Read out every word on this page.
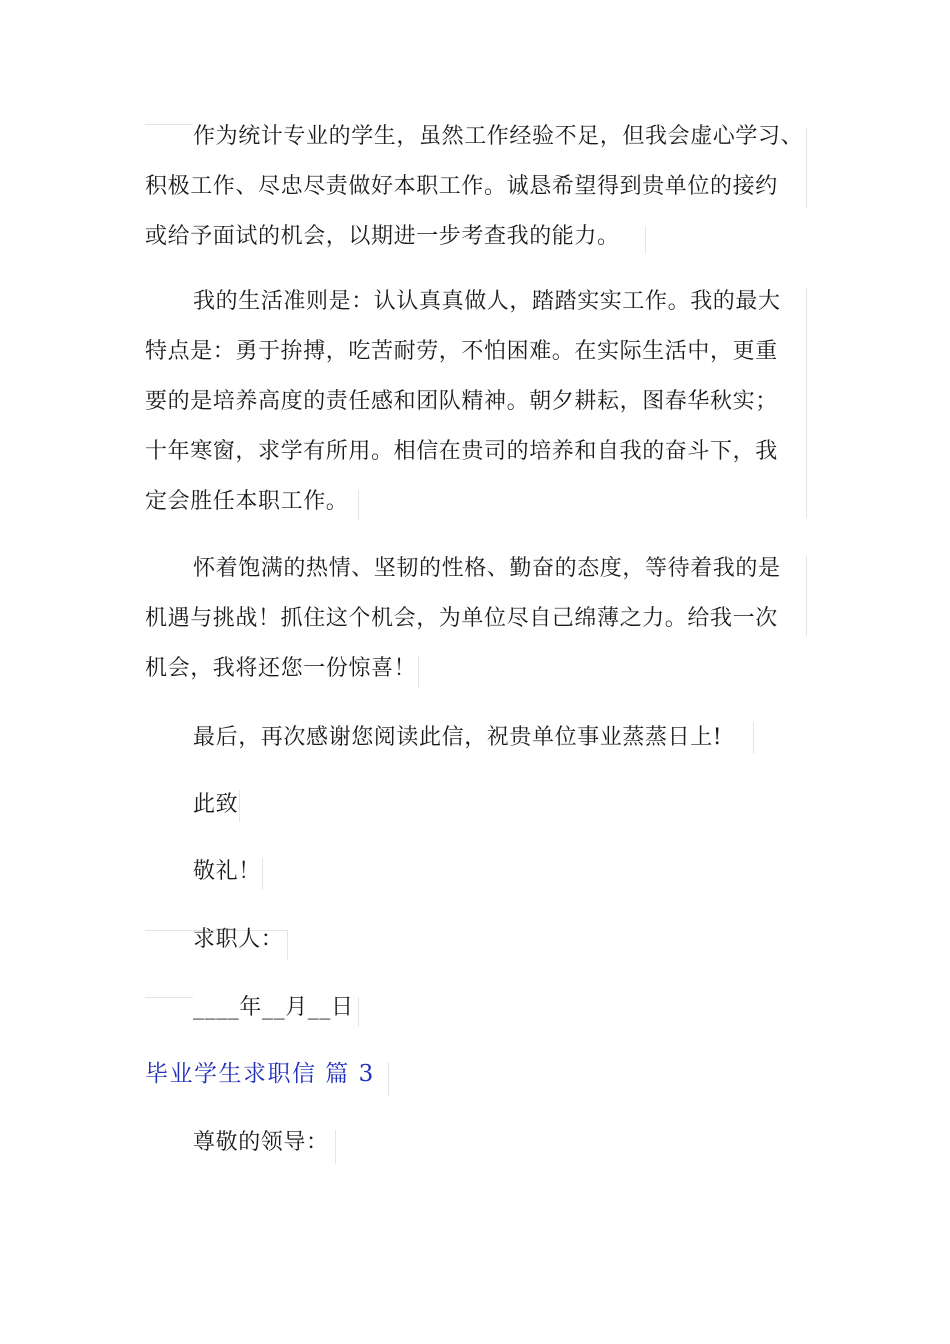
作为统计专业的学生，虽然工作经验不足，但我会虚心学习、
积极工作、尽忠尽责做好本职工作。诚恳希望得到贵单位的接约
或给予面试的机会，以期进一步考查我的能力。
我的生活准则是：认认真真做人，踏踏实实工作。我的最大
特点是：勇于拚搏，吃苦耐劳，不怕困难。在实际生活中，更重
要的是培养高度的责任感和团队精神。朝夕耕耘，图春华秋实；
十年寒窗，求学有所用。相信在贵司的培养和自我的奋斗下，我
定会胜任本职工作。
怀着饱满的热情、坚韧的性格、勤奋的态度，等待着我的是
机遇与挑战！抓住这个机会，为单位尽自己绵薄之力。给我一次
机会，我将还您一份惊喜！
最后，再次感谢您阅读此信，祝贵单位事业蒸蒸日上!
此致
敬礼！
求职人：
____年__月__日
毕业学生求职信 篇 3
尊敬的领导：
